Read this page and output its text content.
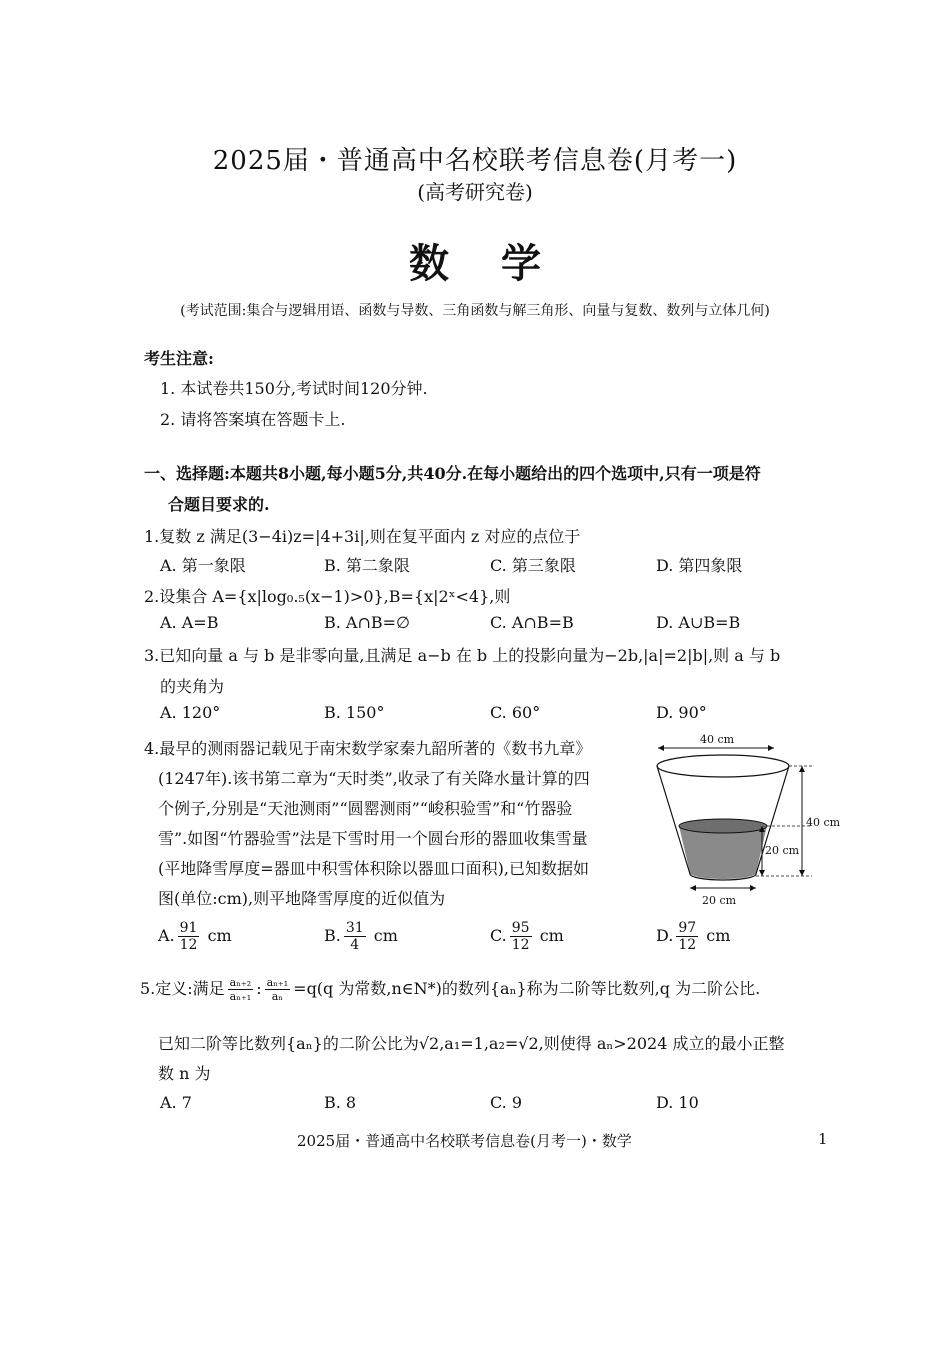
2025届・普通高中名校联考信息卷(月考一)
(高考研究卷)
数学
(考试范围:集合与逻辑用语、函数与导数、三角函数与解三角形、向量与复数、数列与立体几何)
考生注意:
1. 本试卷共150分,考试时间120分钟.
2. 请将答案填在答题卡上.
一、选择题:本题共8小题,每小题5分,共40分.在每小题给出的四个选项中,只有一项是符
合题目要求的.
1.复数 z 满足(3−4i)z=|4+3i|,则在复平面内 z 对应的点位于
A. 第一象限	B. 第二象限	C. 第三象限	D. 第四象限
2.设集合 A={x|log₀.₅(x−1)>0},B={x|2ˣ<4},则
A. A=B	B. A∩B=∅	C. A∩B=B	D. A∪B=B
3.已知向量 a 与 b 是非零向量,且满足 a−b 在 b 上的投影向量为−2b,|a|=2|b|,则 a 与 b
的夹角为
A. 120°	B. 150°	C. 60°	D. 90°
4.最早的测雨器记载见于南宋数学家秦九韶所著的《数书九章》
(1247年).该书第二章为“天时类”,收录了有关降水量计算的四
个例子,分别是“天池测雨”“圆罂测雨”“峻积验雪”和“竹器验
雪”.如图“竹器验雪”法是下雪时用一个圆台形的器皿收集雪量
(平地降雪厚度=器皿中积雪体积除以器皿口面积),已知数据如
图(单位:cm),则平地降雪厚度的近似值为
40 cm
40 cm
20 cm
20 cm
A. $\frac{91}{12}$ cm	B. $\frac{31}{4}$ cm	C. $\frac{95}{12}$ cm	D. $\frac{97}{12}$ cm
5.定义:满足 $\frac{\text{aₙ₊₂}}{\text{aₙ₊₁}}$ : $\frac{\text{aₙ₊₁}}{\text{aₙ}} =q(q$ 为常数,n∈N*)的数列{aₙ}称为二阶等比数列,q 为二阶公比.
已知二阶等比数列{aₙ}的二阶公比为√2,a₁=1,a₂=√2,则使得 aₙ>2024 成立的最小正整
数 n 为
A. 7	B. 8	C. 9	D. 10
2025届・普通高中名校联考信息卷(月考一)・数学	1
